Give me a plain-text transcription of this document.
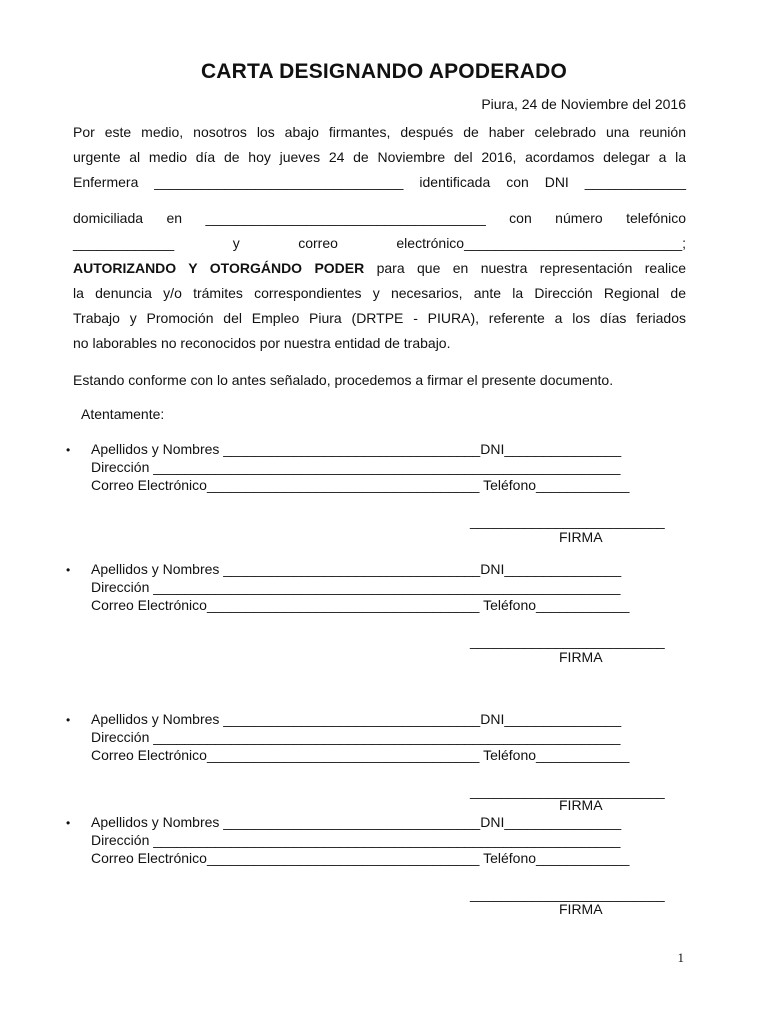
CARTA DESIGNANDO APODERADO
Piura, 24 de Noviembre del 2016

Por este medio, nosotros los abajo firmantes, después de haber celebrado una reunión
urgente al medio día de hoy jueves 24 de Noviembre del 2016, acordamos delegar a la
Enfermera ________________________________ identificada con DNI _____________

domiciliada en ____________________________________ con número telefónico
_____________ y correo electrónico____________________________;
AUTORIZANDO Y OTORGÁNDO PODER para que en nuestra representación realice
la denuncia y/o trámites correspondientes y necesarios, ante la Dirección Regional de
Trabajo y Promoción del Empleo Piura (DRTPE - PIURA), referente a los días feriados
no laborables no reconocidos por nuestra entidad de trabajo.

Estando conforme con lo antes señalado, procedemos a firmar el presente documento.

Atentamente:

• Apellidos y Nombres _________________________________DNI_______________
Dirección ____________________________________________________________
Correo Electrónico___________________________________ Teléfono____________
_________________________
FIRMA
• Apellidos y Nombres _________________________________DNI_______________
Dirección ____________________________________________________________
Correo Electrónico___________________________________ Teléfono____________
_________________________
FIRMA
• Apellidos y Nombres _________________________________DNI_______________
Dirección ____________________________________________________________
Correo Electrónico___________________________________ Teléfono____________
_________________________
FIRMA
• Apellidos y Nombres _________________________________DNI_______________
Dirección ____________________________________________________________
Correo Electrónico___________________________________ Teléfono____________
_________________________
FIRMA
1
